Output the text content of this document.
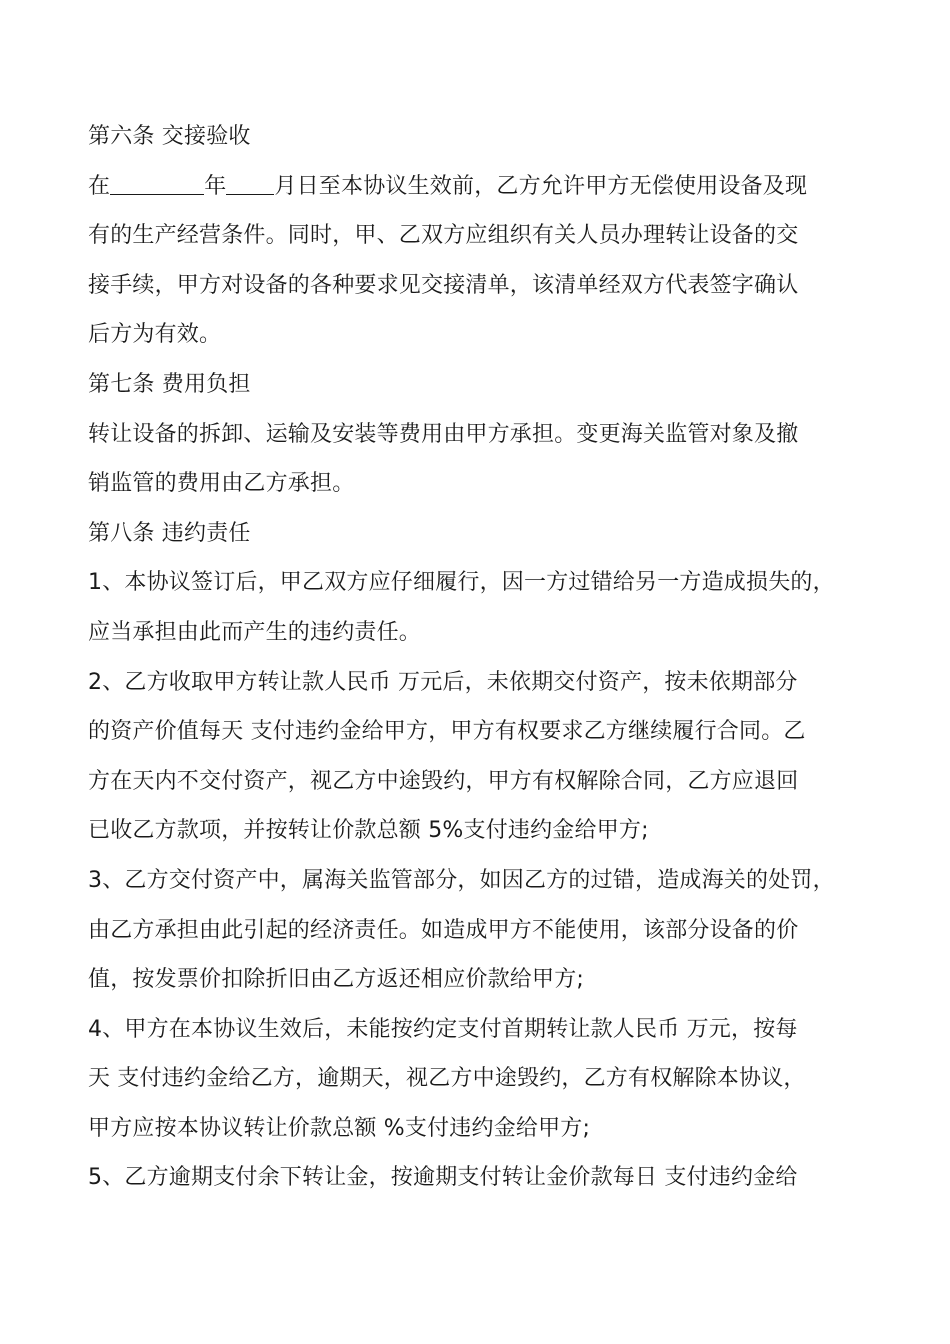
第六条 交接验收
在	年 月日至本协议生效前，乙方允许甲方无偿使用设备及现
有的生产经营条件。同时，甲、乙双方应组织有关人员办理转让设备的交
接手续，甲方对设备的各种要求见交接清单，该清单经双方代表签字确认
后方为有效。
第七条 费用负担
转让设备的拆卸、运输及安装等费用由甲方承担。变更海关监管对象及撤
销监管的费用由乙方承担。
第八条 违约责任
1、本协议签订后，甲乙双方应仔细履行，因一方过错给另一方造成损失的，
应当承担由此而产生的违约责任。
2、乙方收取甲方转让款人民币 万元后，未依期交付资产，按未依期部分
的资产价值每天 支付违约金给甲方，甲方有权要求乙方继续履行合同。乙
方在天内不交付资产，视乙方中途毁约，甲方有权解除合同，乙方应退回
已收乙方款项，并按转让价款总额 5%支付违约金给甲方;
3、乙方交付资产中，属海关监管部分，如因乙方的过错，造成海关的处罚，
由乙方承担由此引起的经济责任。如造成甲方不能使用，该部分设备的价
值，按发票价扣除折旧由乙方返还相应价款给甲方;
4、甲方在本协议生效后，未能按约定支付首期转让款人民币 万元，按每
天 支付违约金给乙方，逾期天，视乙方中途毁约，乙方有权解除本协议，
甲方应按本协议转让价款总额 %支付违约金给甲方;
5、乙方逾期支付余下转让金，按逾期支付转让金价款每日 支付违约金给
